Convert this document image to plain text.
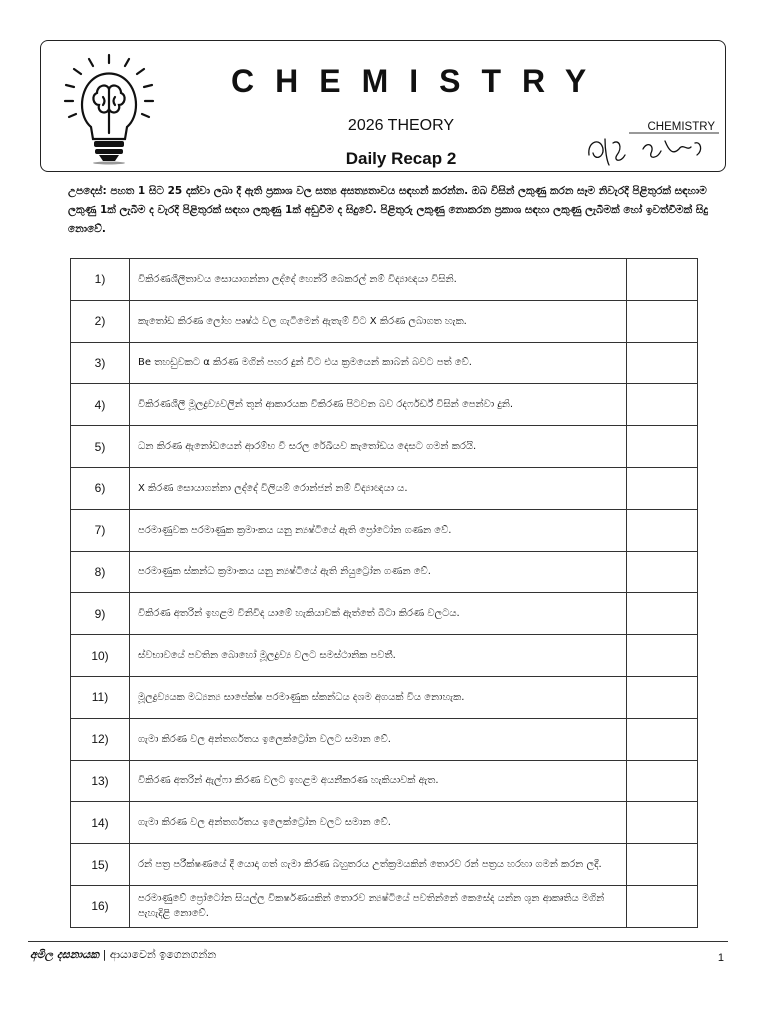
CHEMISTRY
2026 THEORY
Daily Recap 2
CHEMISTRY
උපදෙස්: පහත 1 සිට 25 දක්වා ලබා දී ඇති ප්‍රකාශ වල සත්‍ය අසත්‍යතාවය සඳහන් කරන්න. ඔබ විසින් ලකුණු කරන සෑම නිවැරදි පිළිතුරක් සඳහාම ලකුණු 1ක් ලැබීම ද වැරදි පිළිතුරක් සඳහා ලකුණු 1ක් අඩුවීම ද සිදුවේ. පිළිතුරු ලකුණු නොකරන ප්‍රකාශ සඳහා ලකුණු ලැබීමක් හෝ ඉවත්වීමක් සිදු නොවේ.
1)	විකිරණශීලීතාවය සොයාගන්නා ලද්දේ හෙන්රි බෙකරල් නම් විද්‍යාඥයා විසිනි.	
2)	කැතෝඩ කිරණ ලෝහ පෘෂ්ඨ වල ගැටීමෙන් ඇතැම් විට X කිරණ ලබාගත හැක.	
3)	Be තහඩුවකට α කිරණ මගින් පහර දුන් විට එය ක්‍රමයෙන් කාබන් බවට පත් වේ.	
4)	විකිරණශීලී මූලද්‍රව්‍යවලින් තුන් ආකාරයක විකිරණ පිටවන බව රදර්ෆර්ඩ් විසින් පෙන්වා දුනි.	
5)	ධන කිරණ ඇනෝඩයෙන් ආරම්භ වී සරල රේඛීයව කැතෝඩය දෙසට ගමන් කරයි.	
6)	X කිරණ සොයාගන්නා ලද්දේ විලියම් රොන්ජන් නම් විද්‍යාඥයා ය.	
7)	පරමාණුවක පරමාණුක ක්‍රමාංකය යනු න්‍යෂ්ටියේ ඇති ප්‍රෝටෝන ගණන වේ.	
8)	පරමාණුක ස්කන්ධ ක්‍රමාංකය යනු න්‍යෂ්ටියේ ඇති නියුට්‍රෝන ගණන වේ.	
9)	විකිරණ අතරින් ඉහළම විනිවිද යාමේ හැකියාවක් ඇත්තේ බීටා කිරණ වලටය.	
10)	ස්වභාවයේ පවතින බොහෝ මූලද්‍රව්‍ය වලට සමස්ථානික පවතී.	
11)	මූලද්‍රව්‍යයක මධ්‍යන්‍ය සාපේක්ෂ පරමාණුක ස්කන්ධය දශම අගයක් විය නොහැක.	
12)	ගැමා කිරණ වල අන්තර්ගතය ඉලෙක්ට්‍රෝන වලට සමාන වේ.	
13)	විකිරණ අතරින් ඇල්ෆා කිරණ වලට ඉහළම අයනීකරණ හැකියාවක් ඇත.	
14)	ගැමා කිරණ වල අන්තර්ගතය ඉලෙක්ට්‍රෝන වලට සමාන වේ.	
15)	රන් පත්‍ර පරීක්ෂණයේ දී යොදා ගත් ගැමා කිරණ බහුතරය උත්ක්‍රමයකින් තොරව රන් පත්‍රය හරහා ගමන් කරන ලදී.	
16)	පරමාණුවේ ප්‍රෝටෝන සියල්ල විකර්ෂණයකින් තොරව න්‍යෂ්ටියේ පවතින්නේ කෙසේද යන්න ශුන ආකෘතිය මගින් පැහැදිළි නොවේ.	
අමිල දසනායක | ආයාවෙන් ඉගෙනගන්න	1
